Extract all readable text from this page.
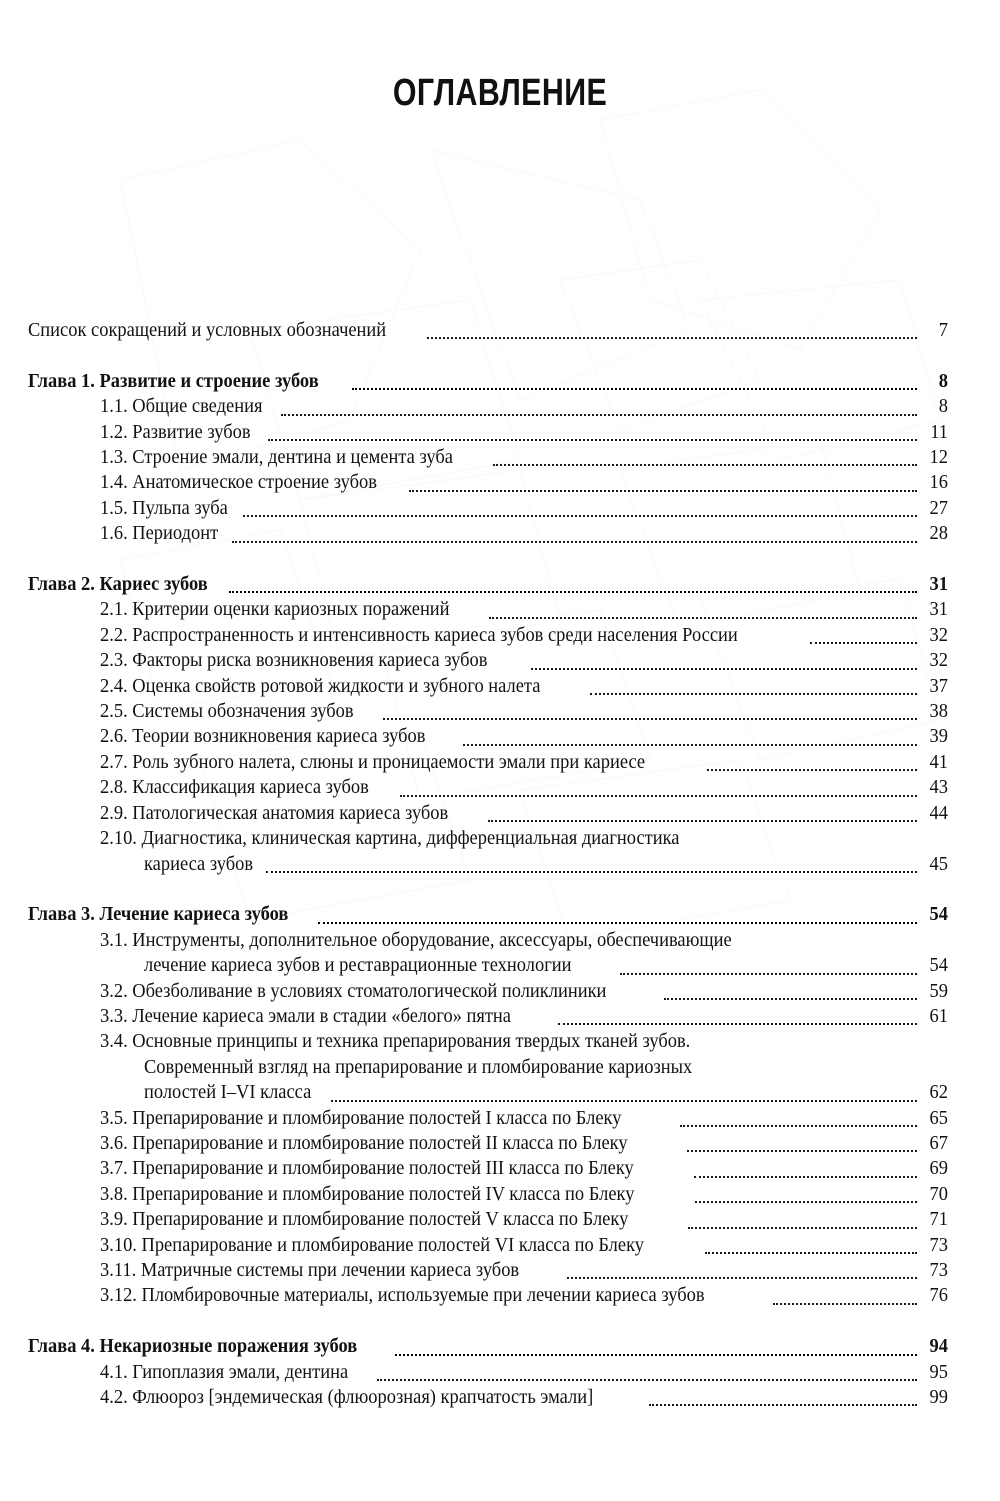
ОГЛАВЛЕНИЕ
Список сокращений и условных обозначений	7
Глава 1. Развитие и строение зубов	8
1.1. Общие сведения	8
1.2. Развитие зубов	11
1.3. Строение эмали, дентина и цемента зуба	12
1.4. Анатомическое строение зубов	16
1.5. Пульпа зуба	27
1.6. Периодонт	28
Глава 2. Кариес зубов	31
2.1. Критерии оценки кариозных поражений	31
2.2. Распространенность и интенсивность кариеса зубов среди населения России	32
2.3. Факторы риска возникновения кариеса зубов	32
2.4. Оценка свойств ротовой жидкости и зубного налета	37
2.5. Системы обозначения зубов	38
2.6. Теории возникновения кариеса зубов	39
2.7. Роль зубного налета, слюны и проницаемости эмали при кариесе	41
2.8. Классификация кариеса зубов	43
2.9. Патологическая анатомия кариеса зубов	44
2.10. Диагностика, клиническая картина, дифференциальная диагностика
кариеса зубов	45
Глава 3. Лечение кариеса зубов	54
3.1. Инструменты, дополнительное оборудование, аксессуары, обеспечивающие
лечение кариеса зубов и реставрационные технологии	54
3.2. Обезболивание в условиях стоматологической поликлиники	59
3.3. Лечение кариеса эмали в стадии «белого» пятна	61
3.4. Основные принципы и техника препарирования твердых тканей зубов.
Современный взгляд на препарирование и пломбирование кариозных
полостей I–VI класса	62
3.5. Препарирование и пломбирование полостей I класса по Блеку	65
3.6. Препарирование и пломбирование полостей II класса по Блеку	67
3.7. Препарирование и пломбирование полостей III класса по Блеку	69
3.8. Препарирование и пломбирование полостей IV класса по Блеку	70
3.9. Препарирование и пломбирование полостей V класса по Блеку	71
3.10. Препарирование и пломбирование полостей VI класса по Блеку	73
3.11. Матричные системы при лечении кариеса зубов	73
3.12. Пломбировочные материалы, используемые при лечении кариеса зубов	76
Глава 4. Некариозные поражения зубов	94
4.1. Гипоплазия эмали, дентина	95
4.2. Флюороз [эндемическая (флюорозная) крапчатость эмали]	99
